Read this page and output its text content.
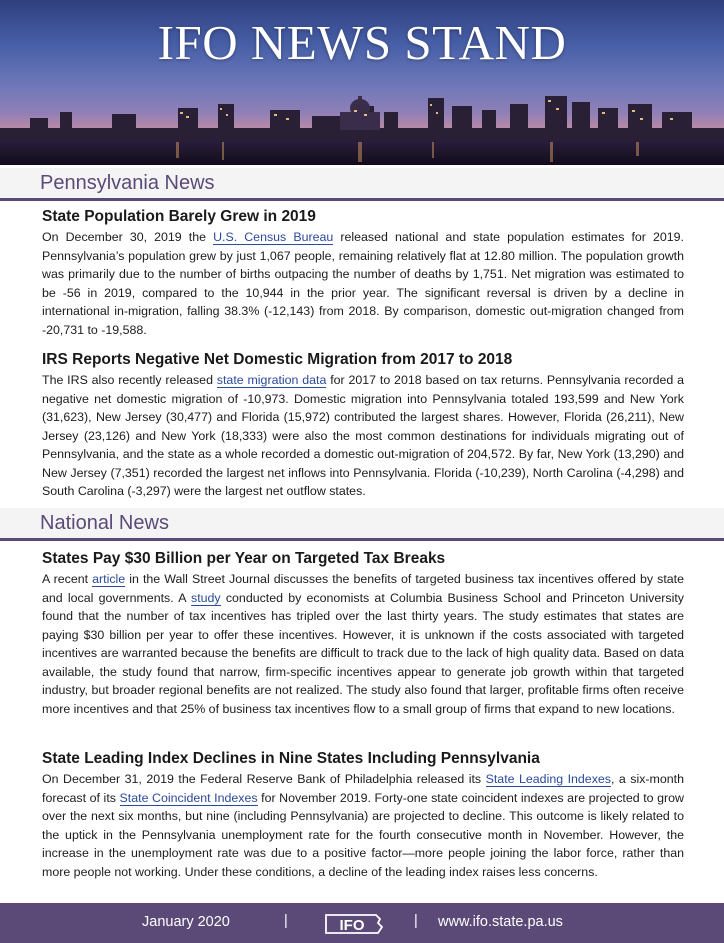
IFO NEWS STAND
Pennsylvania News
State Population Barely Grew in 2019

On December 30, 2019 the U.S. Census Bureau released national and state population estimates for 2019. Pennsylvania’s population grew by just 1,067 people, remaining relatively flat at 12.80 million. The population growth was primarily due to the number of births outpacing the number of deaths by 1,751. Net migration was estimated to be -56 in 2019, compared to the 10,944 in the prior year. The significant reversal is driven by a decline in international in-migration, falling 38.3% (-12,143) from 2018. By comparison, domestic out-migration changed from -20,731 to -19,588.

IRS Reports Negative Net Domestic Migration from 2017 to 2018

The IRS also recently released state migration data for 2017 to 2018 based on tax returns. Pennsylvania recorded a negative net domestic migration of -10,973. Domestic migration into Pennsylvania totaled 193,599 and New York (31,623), New Jersey (30,477) and Florida (15,972) contributed the largest shares. However, Florida (26,211), New Jersey (23,126) and New York (18,333) were also the most common destinations for individuals migrating out of Pennsylvania, and the state as a whole recorded a domestic out-migration of 204,572. By far, New York (13,290) and New Jersey (7,351) recorded the largest net inflows into Pennsylvania. Florida (-10,239), North Carolina (-4,298) and South Carolina (-3,297) were the largest net outflow states.

National News
States Pay $30 Billion per Year on Targeted Tax Breaks

A recent article in the Wall Street Journal discusses the benefits of targeted business tax incentives offered by state and local governments. A study conducted by economists at Columbia Business School and Princeton University found that the number of tax incentives has tripled over the last thirty years. The study estimates that states are paying $30 billion per year to offer these incentives. However, it is unknown if the costs associated with targeted incentives are warranted because the benefits are difficult to track due to the lack of high quality data. Based on data available, the study found that narrow, firm-specific incentives appear to generate job growth within that targeted industry, but broader regional benefits are not realized. The study also found that larger, profitable firms often receive more incentives and that 25% of business tax incentives flow to a small group of firms that expand to new locations.

State Leading Index Declines in Nine States Including Pennsylvania

On December 31, 2019 the Federal Reserve Bank of Philadelphia released its State Leading Indexes, a six-month forecast of its State Coincident Indexes for November 2019. Forty-one state coincident indexes are projected to grow over the next six months, but nine (including Pennsylvania) are projected to decline. This outcome is likely related to the uptick in the Pennsylvania unemployment rate for the fourth consecutive month in November. However, the increase in the unemployment rate was due to a positive factor—more people joining the labor force, rather than more people not working. Under these conditions, a decline of the leading index raises less concerns.

January 2020	|	IFO	| www.ifo.state.pa.us
